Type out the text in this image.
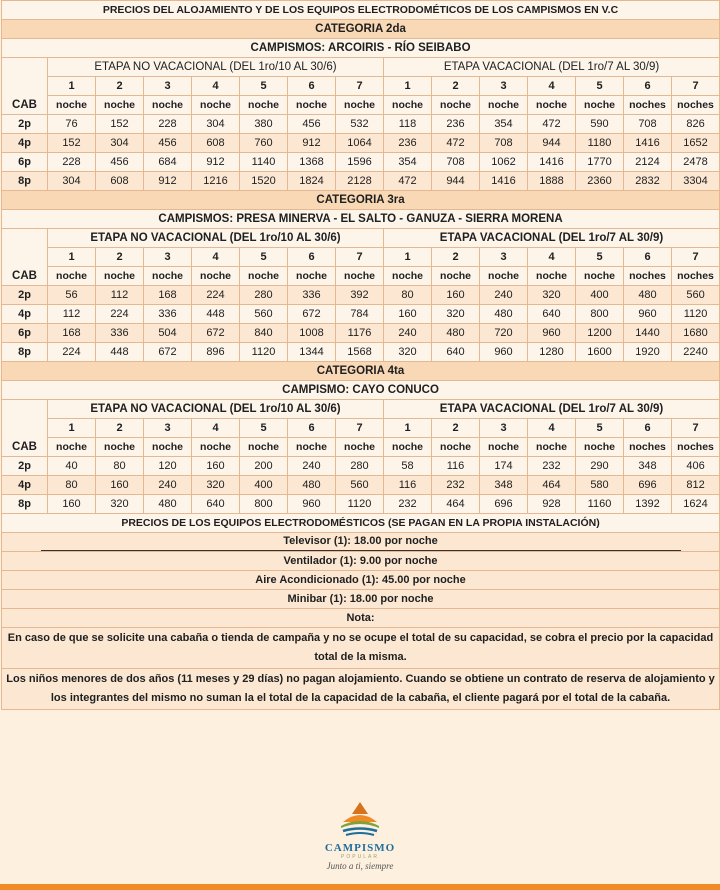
PRECIOS DEL ALOJAMIENTO Y DE LOS EQUIPOS ELECTRODOMÉTICOS DE LOS CAMPISMOS EN V.C														
CATEGORIA 2da														
CAMPISMOS: ARCOIRIS - RÍO SEIBABO														
CAB	ETAPA NO VACACIONAL (DEL 1ro/10 AL 30/6)							ETAPA VACACIONAL (DEL 1ro/7 AL 30/9)						
	1	2	3	4	5	6	7	1	2	3	4	5	6	7
	noche	noche	noche	noche	noche	noche	noche	noche	noche	noche	noche	noche	noches	noches
2p	76	152	228	304	380	456	532	118	236	354	472	590	708	826
4p	152	304	456	608	760	912	1064	236	472	708	944	1180	1416	1652
6p	228	456	684	912	1140	1368	1596	354	708	1062	1416	1770	2124	2478
8p	304	608	912	1216	1520	1824	2128	472	944	1416	1888	2360	2832	3304
CATEGORIA 3ra														
CAMPISMOS: PRESA MINERVA - EL SALTO - GANUZA - SIERRA MORENA														
CAB	ETAPA NO VACACIONAL (DEL 1ro/10 AL 30/6)							ETAPA VACACIONAL (DEL 1ro/7 AL 30/9)						
	1	2	3	4	5	6	7	1	2	3	4	5	6	7
	noche	noche	noche	noche	noche	noche	noche	noche	noche	noche	noche	noche	noches	noches
2p	56	112	168	224	280	336	392	80	160	240	320	400	480	560
4p	112	224	336	448	560	672	784	160	320	480	640	800	960	1120
6p	168	336	504	672	840	1008	1176	240	480	720	960	1200	1440	1680
8p	224	448	672	896	1120	1344	1568	320	640	960	1280	1600	1920	2240
CATEGORIA 4ta														
CAMPISMO: CAYO CONUCO														
CAB	ETAPA NO VACACIONAL (DEL 1ro/10 AL 30/6)							ETAPA VACACIONAL (DEL 1ro/7 AL 30/9)						
	1	2	3	4	5	6	7	1	2	3	4	5	6	7
	noche	noche	noche	noche	noche	noche	noche	noche	noche	noche	noche	noche	noches	noches
2p	40	80	120	160	200	240	280	58	116	174	232	290	348	406
4p	80	160	240	320	400	480	560	116	232	348	464	580	696	812
8p	160	320	480	640	800	960	1120	232	464	696	928	1160	1392	1624
PRECIOS DE LOS EQUIPOS ELECTRODOMÉSTICOS (SE PAGAN EN LA PROPIA INSTALACIÓN)														
Televisor (1): 18.00 por noche														
Ventilador (1): 9.00 por noche														
Aire Acondicionado (1): 45.00 por noche														
Minibar (1): 18.00 por noche														
Nota:														
En caso de que se solicite una cabaña o tienda de campaña y no se ocupe el total de su capacidad, se cobra el precio por la capacidad total de la misma.														
Los niños menores de dos años (11 meses y 29 días) no pagan alojamiento. Cuando se obtiene un contrato de reserva de alojamiento y los integrantes del mismo no suman la el total de la capacidad de la cabaña, el cliente pagará por el total de la cabaña.														
CAMPISMO
POPULAR
Junto a ti, siempre
